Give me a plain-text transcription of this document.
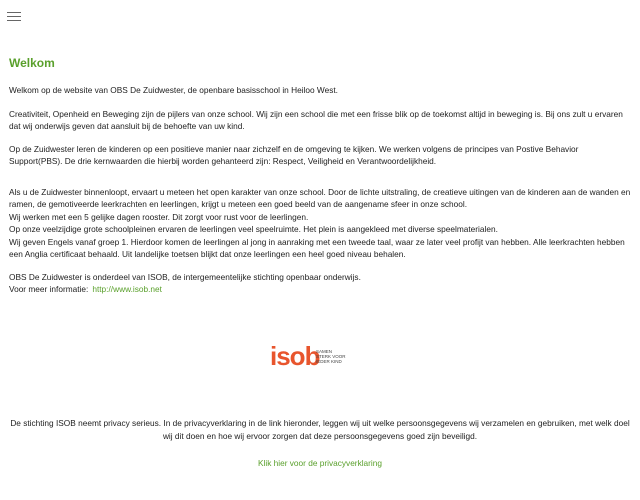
Welkom

Welkom op de website van OBS De Zuidwester, de openbare basisschool in Heiloo West.

Creativiteit, Openheid en Beweging zijn de pijlers van onze school. Wij zijn een school die met een frisse blik op de toekomst altijd in beweging is. Bij ons zult u ervaren dat wij onderwijs geven dat aansluit bij de behoefte van uw kind.

Op de Zuidwester leren de kinderen op een positieve manier naar zichzelf en de omgeving te kijken. We werken volgens de principes van Postive Behavior Support(PBS). De drie kernwaarden die hierbij worden gehanteerd zijn: Respect, Veiligheid en Verantwoordelijkheid.

Als u de Zuidwester binnenloopt, ervaart u meteen het open karakter van onze school. Door de lichte uitstraling, de creatieve uitingen van de kinderen aan de wanden en ramen, de gemotiveerde leerkrachten en leerlingen, krijgt u meteen een goed beeld van de aangename sfeer in onze school.

Wij werken met een 5 gelijke dagen rooster. Dit zorgt voor rust voor de leerlingen.

Op onze veelzijdige grote schoolpleinen ervaren de leerlingen veel speelruimte. Het plein is aangekleed met diverse speelmaterialen.

Wij geven Engels vanaf groep 1. Hierdoor komen de leerlingen al jong in aanraking met een tweede taal, waar ze later veel profijt van hebben. Alle leerkrachten hebben een Anglia certificaat behaald. Uit landelijke toetsen blijkt dat onze leerlingen een heel goed niveau behalen.

OBS De Zuidwester is onderdeel van ISOB, de intergemeentelijke stichting openbaar onderwijs.

Voor meer informatie: http://www.isob.net

isob
SAMEN
STERK VOOR
IEDER KIND

De stichting ISOB neemt privacy serieus. In de privacyverklaring in de link hieronder, leggen wij uit welke persoonsgegevens wij verzamelen en gebruiken, met welk doel wij dit doen en hoe wij ervoor zorgen dat deze persoonsgegevens goed zijn beveiligd.

Klik hier voor de privacyverklaring
